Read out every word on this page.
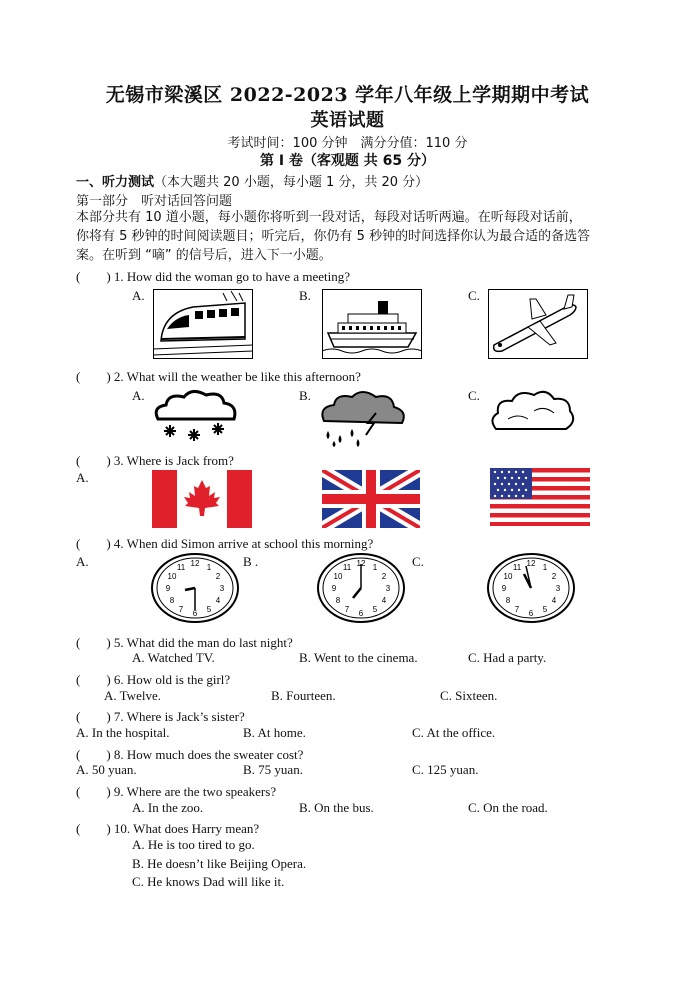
无锡市梁溪区 2022-2023 学年八年级上学期期中考试
英语试题
考试时间：100 分钟　满分分值：110 分
第 I 卷（客观题 共 65 分）
一、听力测试（本大题共 20 小题，每小题 1 分，共 20 分）
第一部分　听对话回答问题
本部分共有 10 道小题，每小题你将听到一段对话，每段对话听两遍。在听每段对话前，
你将有 5 秒钟的时间阅读题目；听完后，你仍有 5 秒钟的时间选择你认为最合适的备选答
案。在听到 “嘀” 的信号后，进入下一小题。
(　　) 1. How did the woman go to have a meeting?
A.	B.	C.
(　　) 2. What will the weather be like this afternoon?
A.	B.	C.
(　　) 3. Where is Jack from?
A.
(　　) 4. When did Simon arrive at school this morning?
A.	B .	C.
12 1
2
3
4
5
6
7
8
9
10
11	12 1
2
3
4
5
6
7
8
9
10
11	12 1
2
3
4
5
6
7
8
9
10
11
(　　) 5. What did the man do last night?
A. Watched TV.	B. Went to the cinema.	C. Had a party.
(　　) 6. How old is the girl?
A. Twelve.	B. Fourteen.	C. Sixteen.
(　　) 7. Where is Jack’s sister?
A. In the hospital.	B. At home.	C. At the office.
(　　) 8. How much does the sweater cost?
A. 50 yuan.	B. 75 yuan.	C. 125 yuan.
(　　) 9. Where are the two speakers?
A. In the zoo.	B. On the bus.	C. On the road.
(　　) 10. What does Harry mean?
A. He is too tired to go.
B. He doesn’t like Beijing Opera.
C. He knows Dad will like it.
